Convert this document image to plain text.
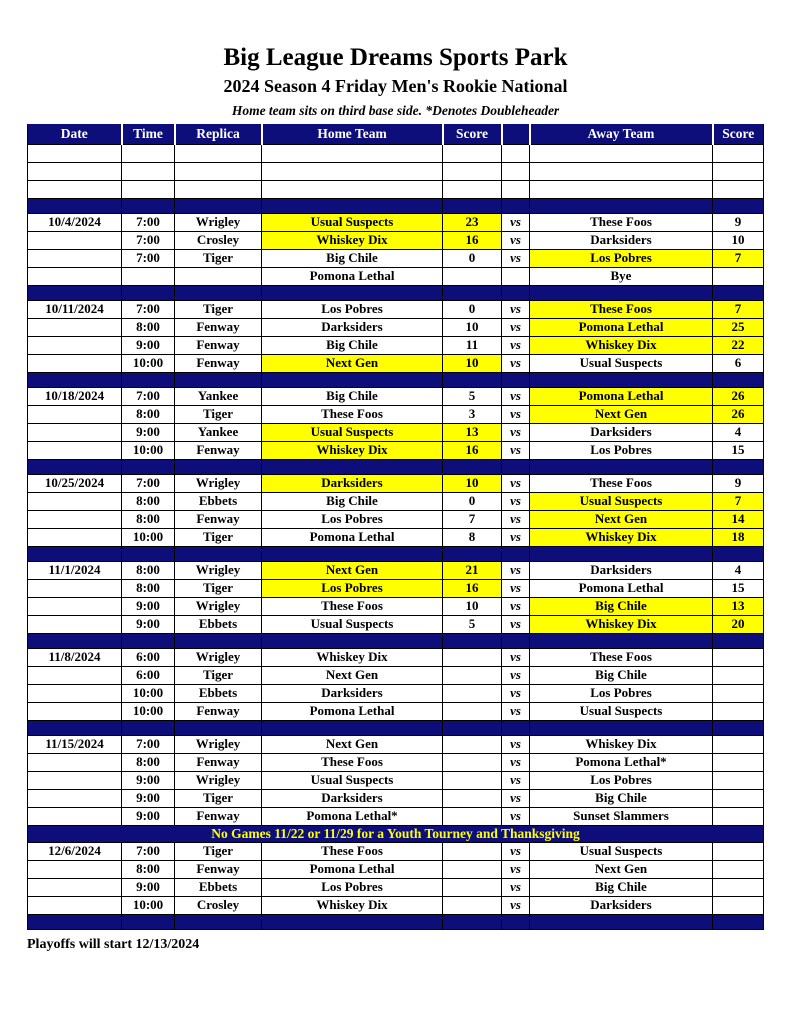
Big League Dreams Sports Park
2024 Season 4 Friday Men's Rookie National
Home team sits on third base side. *Denotes Doubleheader
Date	Time	Replica	Home Team	Score		Away Team	Score

10/4/2024	7:00	Wrigley	Usual Suspects	23	vs	These Foos	9
	7:00	Crosley	Whiskey Dix	16	vs	Darksiders	10
	7:00	Tiger	Big Chile	0	vs	Los Pobres	7
			Pomona Lethal			Bye	

10/11/2024	7:00	Tiger	Los Pobres	0	vs	These Foos	7
	8:00	Fenway	Darksiders	10	vs	Pomona Lethal	25
	9:00	Fenway	Big Chile	11	vs	Whiskey Dix	22
	10:00	Fenway	Next Gen	10	vs	Usual Suspects	6

10/18/2024	7:00	Yankee	Big Chile	5	vs	Pomona Lethal	26
	8:00	Tiger	These Foos	3	vs	Next Gen	26
	9:00	Yankee	Usual Suspects	13	vs	Darksiders	4
	10:00	Fenway	Whiskey Dix	16	vs	Los Pobres	15

10/25/2024	7:00	Wrigley	Darksiders	10	vs	These Foos	9
	8:00	Ebbets	Big Chile	0	vs	Usual Suspects	7
	8:00	Fenway	Los Pobres	7	vs	Next Gen	14
	10:00	Tiger	Pomona Lethal	8	vs	Whiskey Dix	18

11/1/2024	8:00	Wrigley	Next Gen	21	vs	Darksiders	4
	8:00	Tiger	Los Pobres	16	vs	Pomona Lethal	15
	9:00	Wrigley	These Foos	10	vs	Big Chile	13
	9:00	Ebbets	Usual Suspects	5	vs	Whiskey Dix	20

11/8/2024	6:00	Wrigley	Whiskey Dix		vs	These Foos	
	6:00	Tiger	Next Gen		vs	Big Chile	
	10:00	Ebbets	Darksiders		vs	Los Pobres	
	10:00	Fenway	Pomona Lethal		vs	Usual Suspects	

11/15/2024	7:00	Wrigley	Next Gen		vs	Whiskey Dix	
	8:00	Fenway	These Foos		vs	Pomona Lethal*	
	9:00	Wrigley	Usual Suspects		vs	Los Pobres	
	9:00	Tiger	Darksiders		vs	Big Chile	
	9:00	Fenway	Pomona Lethal*		vs	Sunset Slammers	
No Games 11/22 or 11/29 for a Youth Tourney and Thanksgiving							
12/6/2024	7:00	Tiger	These Foos		vs	Usual Suspects	
	8:00	Fenway	Pomona Lethal		vs	Next Gen	
	9:00	Ebbets	Los Pobres		vs	Big Chile	
	10:00	Crosley	Whiskey Dix		vs	Darksiders	

Playoffs will start 12/13/2024
